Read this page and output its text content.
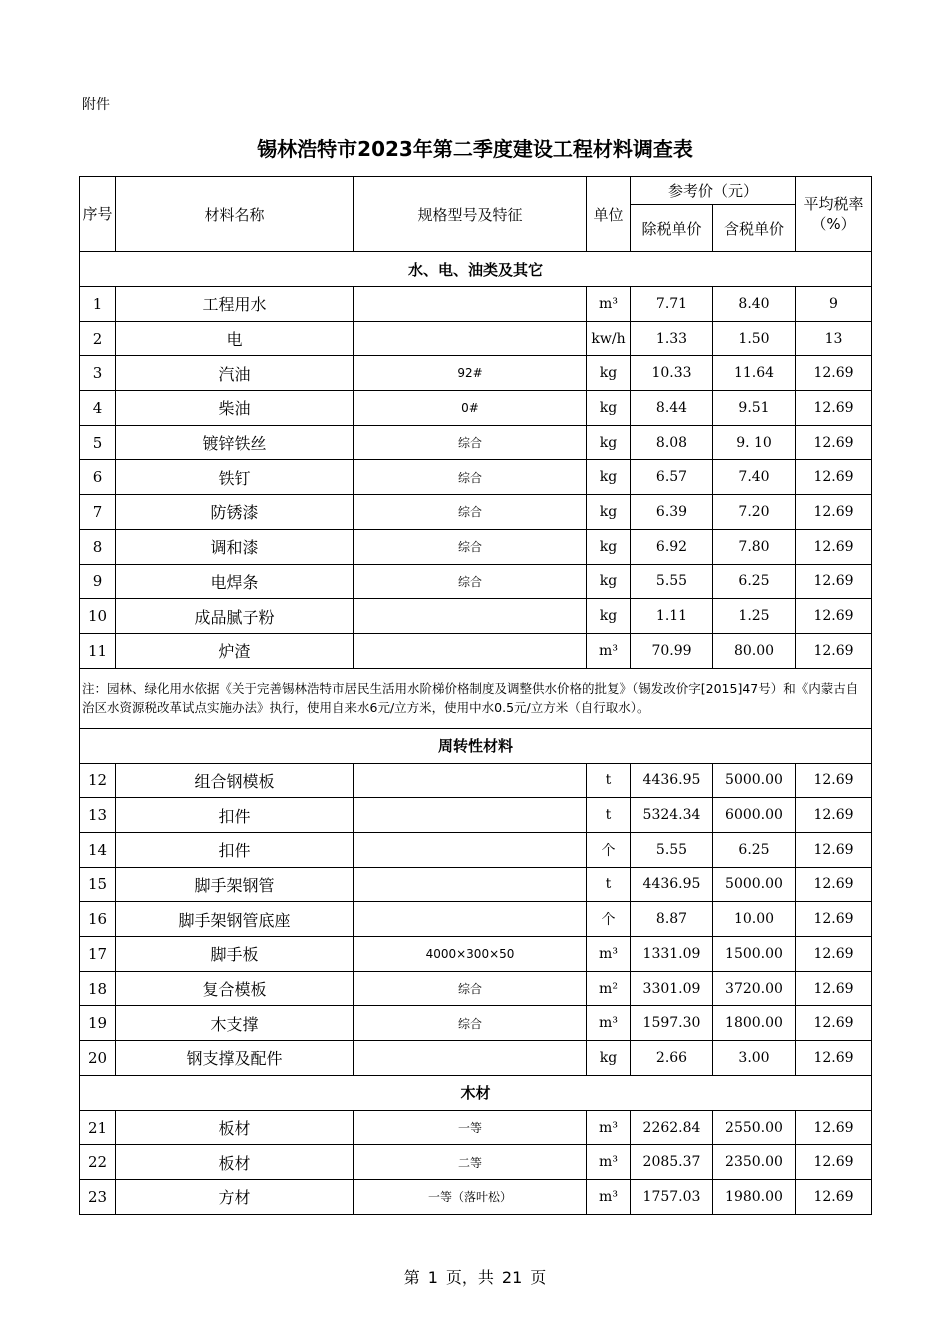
附件
锡林浩特市2023年第二季度建设工程材料调查表
序号	材料名称	规格型号及特征	单位	参考价（元）		平均税率（%）
				除税单价	含税单价	
水、电、油类及其它						
1	工程用水		m³	7.71	8.40	9
2	电		kw/h	1.33	1.50	13
3	汽油	92#	kg	10.33	11.64	12.69
4	柴油	0#	kg	8.44	9.51	12.69
5	镀锌铁丝	综合	kg	8.08	9. 10	12.69
6	铁钉	综合	kg	6.57	7.40	12.69
7	防锈漆	综合	kg	6.39	7.20	12.69
8	调和漆	综合	kg	6.92	7.80	12.69
9	电焊条	综合	kg	5.55	6.25	12.69
10	成品腻子粉		kg	1.11	1.25	12.69
11	炉渣		m³	70.99	80.00	12.69
注：园林、绿化用水依据《关于完善锡林浩特市居民生活用水阶梯价格制度及调整供水价格的批复》（锡发改价字[2015]47号）和《内蒙古自治区水资源税改革试点实施办法》执行，使用自来水6元/立方米，使用中水0.5元/立方米（自行取水）。						
周转性材料						
12	组合钢模板		t	4436.95	5000.00	12.69
13	扣件		t	5324.34	6000.00	12.69
14	扣件		个	5.55	6.25	12.69
15	脚手架钢管		t	4436.95	5000.00	12.69
16	脚手架钢管底座		个	8.87	10.00	12.69
17	脚手板	4000×300×50	m³	1331.09	1500.00	12.69
18	复合模板	综合	m²	3301.09	3720.00	12.69
19	木支撑	综合	m³	1597.30	1800.00	12.69
20	钢支撑及配件		kg	2.66	3.00	12.69
木材						
21	板材	一等	m³	2262.84	2550.00	12.69
22	板材	二等	m³	2085.37	2350.00	12.69
23	方材	一等（落叶松）	m³	1757.03	1980.00	12.69
第 1 页，共 21 页
